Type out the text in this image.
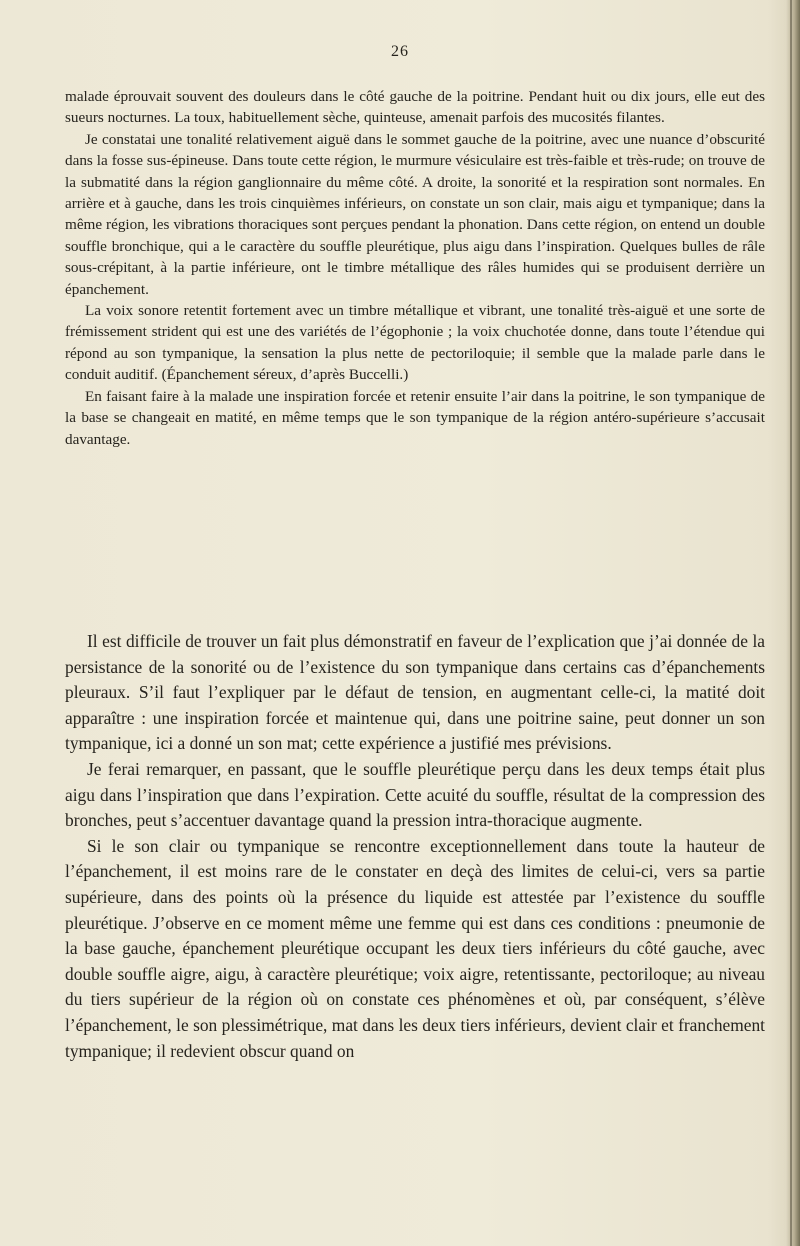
26

malade éprouvait souvent des douleurs dans le côté gauche de la poitrine. Pendant huit ou dix jours, elle eut des sueurs nocturnes. La toux, habituellement sèche, quinteuse, amenait parfois des mucosités filantes.

Je constatai une tonalité relativement aiguë dans le sommet gauche de la poitrine, avec une nuance d’obscurité dans la fosse sus-épineuse. Dans toute cette région, le murmure vésiculaire est très-faible et très-rude; on trouve de la submatité dans la région ganglionnaire du même côté. A droite, la sonorité et la respiration sont normales. En arrière et à gauche, dans les trois cinquièmes inférieurs, on constate un son clair, mais aigu et tympanique; dans la même région, les vibrations thoraciques sont perçues pendant la phonation. Dans cette région, on entend un double souffle bronchique, qui a le caractère du souffle pleurétique, plus aigu dans l’inspiration. Quelques bulles de râle sous-crépitant, à la partie inférieure, ont le timbre métallique des râles humides qui se produisent derrière un épanchement.

La voix sonore retentit fortement avec un timbre métallique et vibrant, une tonalité très-aiguë et une sorte de frémissement strident qui est une des variétés de l’égophonie ; la voix chuchotée donne, dans toute l’étendue qui répond au son tympanique, la sensation la plus nette de pectoriloquie; il semble que la malade parle dans le conduit auditif. (Épanchement séreux, d’après Buccelli.)

En faisant faire à la malade une inspiration forcée et retenir ensuite l’air dans la poitrine, le son tympanique de la base se changeait en matité, en même temps que le son tympanique de la région antéro-supérieure s’accusait davantage.

Il est difficile de trouver un fait plus démonstratif en faveur de l’explication que j’ai donnée de la persistance de la sonorité ou de l’existence du son tympanique dans certains cas d’épanchements pleuraux. S’il faut l’expliquer par le défaut de tension, en augmentant celle-ci, la matité doit apparaître : une inspiration forcée et maintenue qui, dans une poitrine saine, peut donner un son tympanique, ici a donné un son mat; cette expérience a justifié mes prévisions.

Je ferai remarquer, en passant, que le souffle pleurétique perçu dans les deux temps était plus aigu dans l’inspiration que dans l’expiration. Cette acuité du souffle, résultat de la compression des bronches, peut s’accentuer davantage quand la pression intra-thoracique augmente.

Si le son clair ou tympanique se rencontre exceptionnellement dans toute la hauteur de l’épanchement, il est moins rare de le constater en deçà des limites de celui-ci, vers sa partie supérieure, dans des points où la présence du liquide est attestée par l’existence du souffle pleurétique. J’observe en ce moment même une femme qui est dans ces conditions : pneumonie de la base gauche, épanchement pleurétique occupant les deux tiers inférieurs du côté gauche, avec double souffle aigre, aigu, à caractère pleurétique; voix aigre, retentissante, pectoriloque; au niveau du tiers supérieur de la région où on constate ces phénomènes et où, par conséquent, s’élève l’épanchement, le son plessimétrique, mat dans les deux tiers inférieurs, devient clair et franchement tympanique; il redevient obscur quand on
